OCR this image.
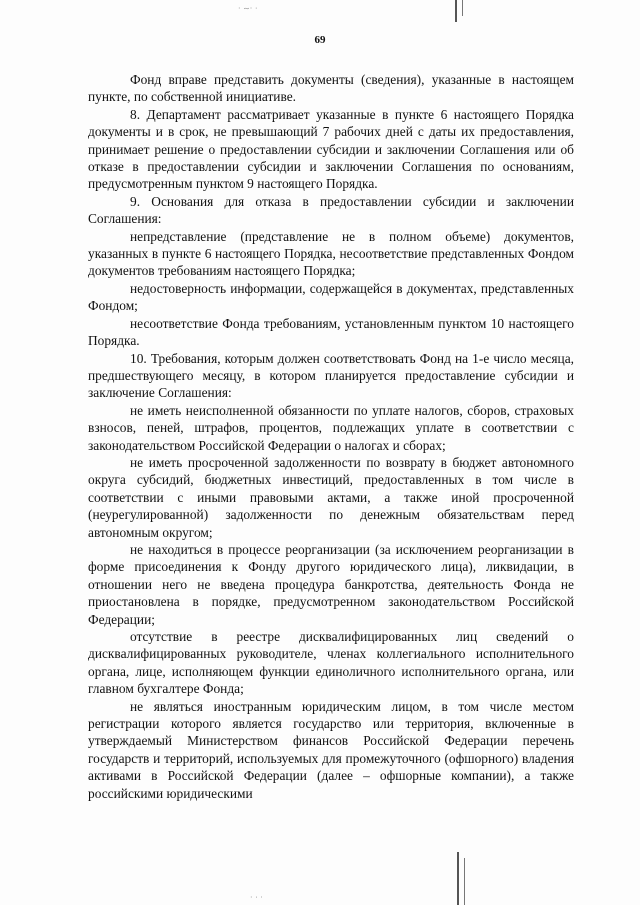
· ∼· ⋅
69

Фонд вправе представить документы (сведения), указанные в настоящем пункте, по собственной инициативе.

8. Департамент рассматривает указанные в пункте 6 настоящего Порядка документы и в срок, не превышающий 7 рабочих дней с даты их предоставления, принимает решение о предоставлении субсидии и заключении Соглашения или об отказе в предоставлении субсидии и заключении Соглашения по основаниям, предусмотренным пунктом 9 настоящего Порядка.

9. Основания для отказа в предоставлении субсидии и заключении Соглашения:

непредставление (представление не в полном объеме) документов, указанных в пункте 6 настоящего Порядка, несоответствие представленных Фондом документов требованиям настоящего Порядка;

недостоверность информации, содержащейся в документах, представленных Фондом;

несоответствие Фонда требованиям, установленным пунктом 10 настоящего Порядка.

10. Требования, которым должен соответствовать Фонд на 1-е число месяца, предшествующего месяцу, в котором планируется предоставление субсидии и заключение Соглашения:

не иметь неисполненной обязанности по уплате налогов, сборов, страховых взносов, пеней, штрафов, процентов, подлежащих уплате в соответствии с законодательством Российской Федерации о налогах и сборах;

не иметь просроченной задолженности по возврату в бюджет автономного округа субсидий, бюджетных инвестиций, предоставленных в том числе в соответствии с иными правовыми актами, а также иной просроченной (неурегулированной) задолженности по денежным обязательствам перед автономным округом;

не находиться в процессе реорганизации (за исключением реорганизации в форме присоединения к Фонду другого юридического лица), ликвидации, в отношении него не введена процедура банкротства, деятельность Фонда не приостановлена в порядке, предусмотренном законодательством Российской Федерации;

отсутствие в реестре дисквалифицированных лиц сведений о дисквалифицированных руководителе, членах коллегиального исполнительного органа, лице, исполняющем функции единоличного исполнительного органа, или главном бухгалтере Фонда;

не являться иностранным юридическим лицом, в том числе местом регистрации которого является государство или территория, включенные в утверждаемый Министерством финансов Российской Федерации перечень государств и территорий, используемых для промежуточного (офшорного) владения активами в Российской Федерации (далее – офшорные компании), а также российскими юридическими

· ⋅ ·
